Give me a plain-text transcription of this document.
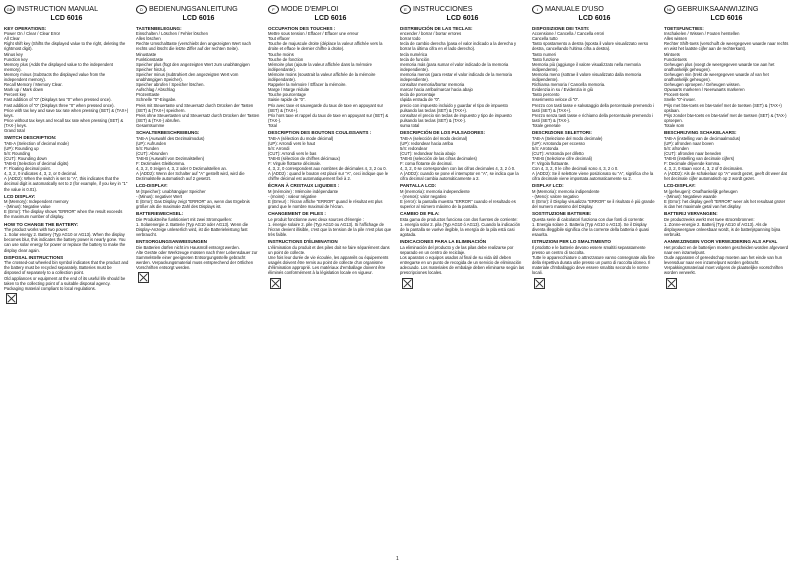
GB INSTRUCTION MANUAL
LCD 6016
KEY OPERATIONS:

Power On / Clear / Clear Error

All Clear

Right shift key (Shifts the displayed value to the right, deleting the rightmost digit).

Minus key

Function key

Memory plus (Adds the displayed value to the independent memory).

Memory minus (Subtracts the displayed value from the independent memory).

Recall Memory / Memory Clear.

Mark up / Mark down

Percent key

Fast addition of "0" (Displays two "0" when pressed once).

Fast addition of "0" (Displays three "0" when pressed once).

Price with tax key and save tax rate when pressing (SET) & (TAX+) keys.

Price without tax keys and recall tax rate when pressing (SET) & (TAX-) keys.

Grand total

SWITCH DESCRIPTION:

TAB-A (Selection of decimal mode)

(UP): Rounding up

5/4: Rounding

(CUT): Rounding down

TAB-B (Selection of decimal digits)

F: Floating decimal point.

4, 3, 2, 0 indicates 4, 3, 2, or 0 decimal.

A (ADD2): When the switch is set to "A", this indicates that the decimal digit is automatically set to 2 (for example, if you key in "1" the value is 0.01).

LCD DISPLAY:

M (Memory): Independent memory

- (Minus): Negative value

E (Error): The display shows "ERROR" when the result exceeds the maximum number of display.

HOW TO CHANGE THE BATTERY:

The product works with two power:

1. Solar energy 2. Battery (Typ AG10 or AG13). When the display becomes blur, this indicates the battery power is nearly gone. You can use solar energy for power or replace the battery to make the display clear again.

DISPOSAL INSTRUCTIONS

The crossed-out wheeled bin symbol indicates that the product and the battery must be recycled separately. Batteries must be disposed of separately to a collection point.

Old appliances or equipment at the end of its useful life should be taken to the collecting point of a suitable disposal agency. Packaging material compliant to local regulations.

D BEDIENUNGSANLEITUNG
LCD 6016
TASTENBELEGUNG:

Einschalten / Löschen / Fehler löschen

Alles löschen

Rechte Umschalttaste (verschiebt den angezeigten Wert nach rechts und löscht die letzte Ziffer auf der rechten Seite).

Minustaste

Funktionstaste

Speicher plus (fügt den angezeigten Wert zum unabhängigen Speicher hinzu).

Speicher minus (subtrahiert den angezeigten Wert vom unabhängigen Speicher).

Speicher abrufen / Speicher löschen.

Aufschlag / Abschlag

Prozenttaste

Schnelle "0"-Eingabe.

Preis mit Steuertaste und Steuersatz durch Drücken der Tasten (SET) & (TAX+) speichern.

Preis ohne Steuertasten und Steuersatz durch Drücken der Tasten (SET) & (TAX-) abrufen.

Gesamtsumme

SCHALTERBESCHREIBUNG:

TAB-A (Auswahl des Dezimalmodus)

(UP): Aufrunden

5/4: Runden

(CUT): Abrunden

TAB-B (Auswahl von Dezimalstellen)

F: Dezimales Gleitkomma.

4, 3, 2, 0 zeigen 4, 3, 2 oder 0 Dezimalstellen an.

A (ADD2): Wenn der Schalter auf "A" gestellt wird, wird die Dezimalstelle automatisch auf 2 gesetzt.

LCD-DISPLAY:

M (Speicher): unabhängiger Speicher

- (Minus): negativer Wert

E (Error): Das Display zeigt "ERROR" an, wenn das Ergebnis größer als die maximale Zahl des Displays ist.

BATTERIEWECHSEL:

Die Produktreihe funktioniert mit zwei Stromquellen:

1. Solarenergie 2. Batterie (Typ AG10 oder AG13). Wenn die Display-Anzeige unleserlich wird, ist die Batterieleistung fast verbraucht.

ENTSORGUNGSANWEISUNGEN

Die Batterien dürfen nicht im Hausmüll entsorgt werden.

Alte Geräte oder Werkzeuge müssen nach Ihrer Lebensdauer zur Sammelstelle einer geeigneten Entsorgungsstelle gebracht werden. Verpackungsmaterial muss entsprechend der örtlichen Vorschriften entsorgt werden.

F MODE D'EMPLOI
LCD 6016
OCCUPATION DES TOUCHES :

Mettre sous tension / Effacer / Effacer une erreur

Tout effacer

Touche de majuscule droite (déplace la valeur affichée vers la droite et efface le dernier chiffre à droite).

Touche moins

Touche de fonction

Mémoire plus (ajoute la valeur affichée dans la mémoire indépendante).

Mémoire moins (soustrait la valeur affichée de la mémoire indépendante).

Rappeler la mémoire / Effacer la mémoire.

Marge / Marge réduite

Touche pourcentage

Saisie rapide de "0".

Prix avec taxe et sauvegarde du taux de taxe en appuyant sur (SET) & (TAX+).

Prix hors taxe et rappel du taux de taxe en appuyant sur (SET) & (TAX-).

Total

DESCRIPTION DES BOUTONS COULISSANTS :

TAB-A (sélection du mode décimal)

(UP): Arrondi vers le haut

5/4: Arrondi

(CUT): Arrondi vers le bas

TAB-B (sélection de chiffres décimaux)

F: Virgule flottante décimale.

4, 3, 2, 0 correspondent aux nombres de décimales 4, 3, 2 ou 0.

A (ADD2) : quand le bouton est placé sur "A", ceci indique que le chiffre décimal est automatiquement fixé à 2.

ÉCRAN À CRISTAUX LIQUIDES :

M (mémoire) : Mémoire indépendante

- (moins) : valeur négative

E (Erreur) : l'écran affiche "ERROR" quand le résultat est plus grand que le nombre maximal de l'écran.

CHANGEMENT DE PILES :

Le produit fonctionne avec deux sources d'énergie :

1. énergie solaire 2. pile (Typ AG10 ou AG13). Si l'affichage de l'écran devient illisible, c'est que la tension de la pile n'est plus que très faible.

INSTRUCTIONS D'ÉLIMINATION

L'élimination du produit et des piles doit se faire séparément dans un point de collecte.

Une fois leur durée de vie écoulée, les appareils ou équipements usagés doivent être remis au point de collecte d'un organisme d'élimination approprié. Les matériaux d'emballage doivent être éliminés conformément à la législation locale en vigueur.

E INSTRUCCIONES
LCD 6016
DISTRIBUCIÓN DE LAS TECLAS:

encender / borrar / borrar errores

borrar todo

tecla de cambio derecha (pasa el valor indicado a la derecha y borrar la última cifra en el lado derecho).

tecla numérica

tecla de función

memoria más (para sumar el valor indicado de la memoria independiente).

memoria menos (para restar el valor indicado de la memoria independiente).

consultar memoria/borrar memoria

marcar hacia arriba/marcar hacia abajo

tecla de porcentaje

rápida entrada de "0".

precio con impuesto incluido y guardar el tipo de impuesto pulsando las teclas (SET) & (TAX+).

consultar el precio sin teclas de impuesto y tipo de impuesto pulsando las teclas (SET) & (TAX-).

suma total

DESCRIPCIÓN DE LOS PULSADORES:

TAB-A (selección del modo decimal)

(UP): redondear hacia arriba

5/4: redondear

(CUT): redondear hacia abajo

TAB-B (selección de las cifras decimales)

F: coma flotante de decimal.

4, 3, 2, 0 se corresponden con las cifras decimales 4, 3, 2 ó 0.

A (ADD2): cuando se pone el interruptor en "A", se indica que la cifra decimal cambia automáticamente a 2.

PANTALLA LCD:

M (memoria): memoria independiente

- (menos): valor negativo

E (error): la pantalla muestra "ERROR" cuando el resultado es superior al número máximo de la pantalla.

CAMBIO DE PILA:

Esta gama de productos funciona con dos fuentes de corriente:

1. energía solar 2. pila (Typ AG10 ó AG13). Cuando la indicación de la pantalla se vuelve ilegible, la energía de la pila está casi agotada.

INDICACIONES PARA LA ELIMINACIÓN

La eliminación del producto y de las pilas debe realizarse por separado en un centro de reciclaje.

Los aparatos o equipos usados al final de su vida útil deben entregarse en un punto de recogida de un servicio de eliminación adecuado. Los materiales de embalaje deben eliminarse según las prescripciones locales.

I MANUALE D'USO
LCD 6016
DISPOSIZIONE DEI TASTI:

Accensione / Cancella / Cancella errori

Cancella tutto

Tasto spostamento a destra (sposta il valore visualizzato verso destra, cancellando l'ultima cifra a destra).

Tasto numeri

Tasto funzione

Memoria più (aggiunge il valore visualizzato nella memoria indipendente).

Memoria meno (sottrae il valore visualizzato dalla memoria indipendente).

Richiama memoria / Cancella memoria.

Evidenzia in su / Evidenzia in giù

Tasto percento

Inserimento veloce di "0".

Prezzo con tasti tasse e salvataggio della percentuale premendo i tasti (SET) & (TAX+).

Prezzo senza tasti tasse e richiamo della percentuale premendo i tasti (SET) & (TAX-).

Totale generale

DESCRIZIONE SELETTORI:

TAB-A (Selezione del modo decimale)

(UP): Arrotonda per eccesso

5/4: Arrotonda

(CUT): Arrotonda per difetto

TAB-B (Selezione cifre decimali)

F: Virgola fluttuante.

Con 4, 3, 2, 0 le cifre decimali sono 4, 3, 2 o 0.

A (ADD2): Se il selettore viene posizionato su "A", significa che la cifra decimale viene impostata automaticamente su 2.

DISPLAY LCD:

M (Memoria): memoria indipendente

- (Meno): valore negativo

E (Error): il Display visualizza "ERROR" se il risultato è più grande del numero massimo del Display.

SOSTITUZIONE BATTERIE:

Questa serie di calcolatori funziona con due fonti di corrente:

1. Energia solare 2. Batteria (Typ AG10 o AG13). Se il Display diventa illeggibile significa che la corrente della batteria è quasi esaurita.

ISTRUZIONI PER LO SMALTIMENTO

Il prodotto e le batterie devono essere smaltiti separatamente presso un centro di raccolta.

Tutte le apparecchiature o attrezzature vanno consegnate alla fine della rispettiva durata utile presso un punto di raccolta idoneo. Il materiale d'imballaggio deve essere smaltito secondo le norme locali.

NL GEBRUIKSAANWIJZING
LCD 6016
TOETSFUNCTIES:

Inschakelen / Wissen / Fouten herstellen

Alles wissen

Rechter Shift-toets (verschuift de weergegeven waarde naar rechts en wist het laatste cijfer aan de rechterkant).

Mintoets

Functietoets

Geheugen plus (voegt de weergegeven waarde toe aan het onafhankelijk geheugen).

Geheugen min (trekt de weergegeven waarde af van het onafhankelijk geheugen).

Geheugen oproepen / Geheugen wissen.

Opwaarts markeren / Neerwaarts markeren

Procent-toets

Snelle "0"-invoer.

Prijs met btw-toets en btw-tarief met de toetsen (SET) & (TAX+) opslaan.

Prijs zonder btw-toets en btw-tarief met de toetsen (SET) & (TAX-) oproepen.

Totale som

BESCHRIJVING SCHAKELAARS:

TAB-A (instelling van de decimaalmodus)

(UP): afronden naar boven

5/4: afronden

(CUT): afronden naar beneden

TAB-B (instelling van decimale cijfers)

F: Decimale drijvende komma.

4, 3, 2, 0 staan voor 4, 3, 2 of 0 decimalen.

A (ADD2): Als de schakelaar op "A" wordt gezet, geeft dit weer dat het decimale cijfer automatisch op 2 wordt gezet.

LCD-DISPLAY:

M (geheugen): Onafhankelijk geheugen

- (Minus): Negatieve waarde

E (Error): het display geeft "ERROR" weer als het resultaat groter is dan het maximale getal van het display.

BATTERIJ VERVANGEN:

De productreeks werkt met twee stroombronnen:

1. Zonne-energie 2. Batterij (Typ AG10 of AG13). Als de displayweergave onleesbaar wordt, is de batterijspanning bijna verbruikt.

AANWIJZINGEN VOOR VERWIJDERING ALS AFVAL

Het product en de batterijen moeten gescheiden worden afgevoerd naar een inzamelpunt.

Oude apparaten of gereedschap moeten aan het einde van hun levensduur naar een inzamelpunt worden gebracht. Verpakkingsmateriaal moet volgens de plaatselijke voorschriften worden verwerkt.

1
